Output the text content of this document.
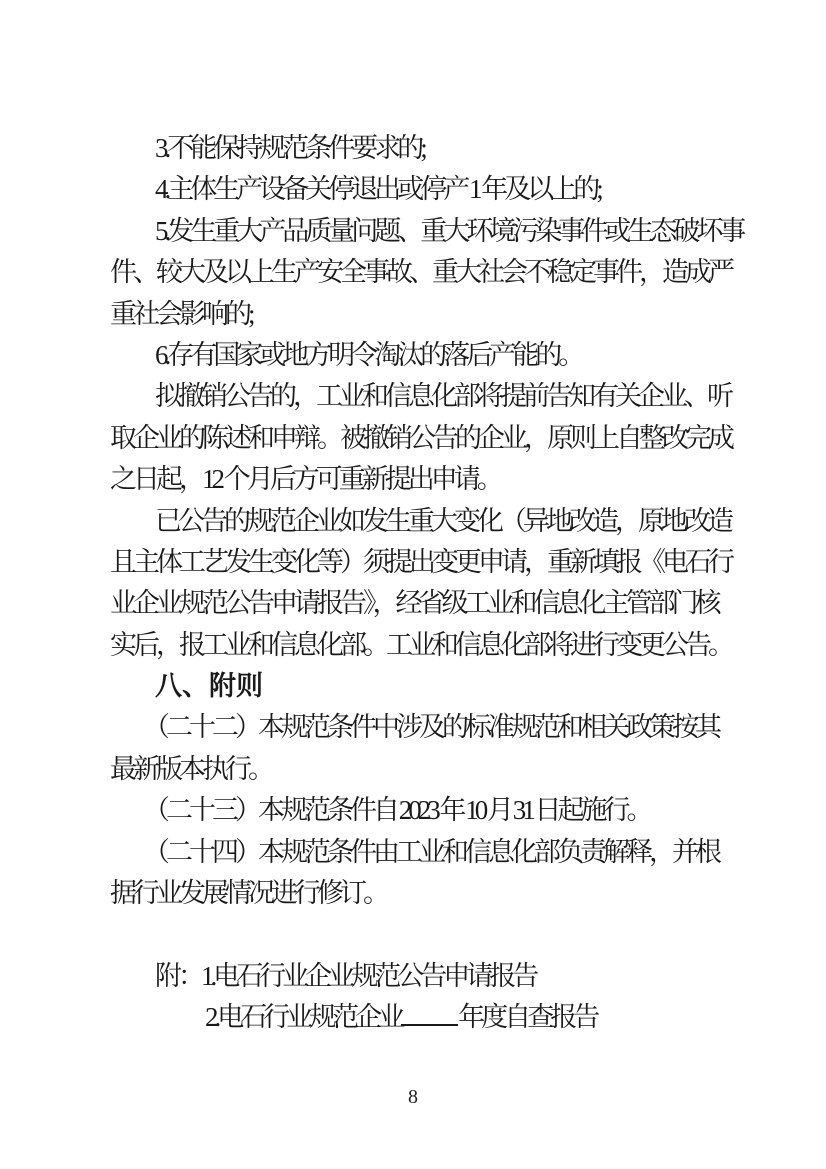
3.不能保持规范条件要求的;
4.主体生产设备关停退出或停产 1 年及以上的;
5.发生重大产品质量问题、重大环境污染事件或生态破坏事
件、较大及以上生产安全事故、重大社会不稳定事件，造成严
重社会影响的;
6.存有国家或地方明令淘汰的落后产能的。
拟撤销公告的，工业和信息化部将提前告知有关企业、听
取企业的陈述和申辩。被撤销公告的企业，原则上自整改完成
之日起，12 个月后方可重新提出申请。
已公告的规范企业如发生重大变化（异地改造，原地改造
且主体工艺发生变化等）须提出变更申请，重新填报《电石行
业企业规范公告申请报告》，经省级工业和信息化主管部门核
实后，报工业和信息化部。工业和信息化部将进行变更公告。
八、附则
（二十二）本规范条件中涉及的标准规范和相关政策按其
最新版本执行。
（二十三）本规范条件自 2023 年 10 月 31 日起施行。
（二十四）本规范条件由工业和信息化部负责解释，并根
据行业发展情况进行修订。
附：1.电石行业企业规范公告申请报告
2.电石行业规范企业 年度自查报告
8
